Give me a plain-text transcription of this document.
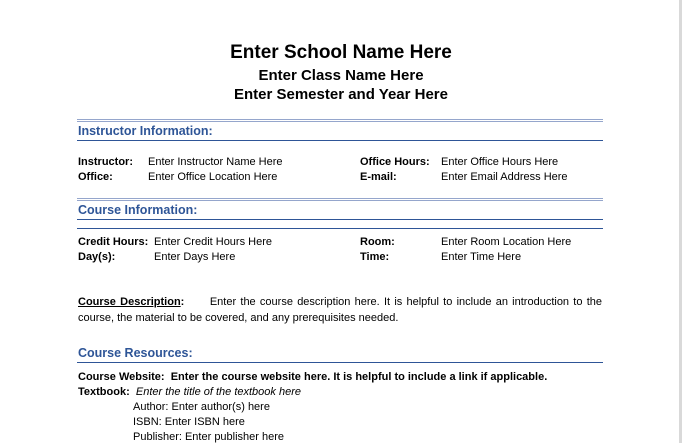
Enter School Name Here
Enter Class Name Here
Enter Semester and Year Here
Instructor Information:
Instructor: Enter Instructor Name Here	Office Hours: Enter Office Hours Here
Office:	Enter Office Location Here	E-mail:	Enter Email Address Here
Course Information:
Credit Hours: Enter Credit Hours Here	Room:	Enter Room Location Here
Day(s):	Enter Days Here	Time:	Enter Time Here
Course Description: Enter the course description here. It is helpful to include an introduction to the course, the material to be covered, and any prerequisites needed.
Course Resources:
Course Website: Enter the course website here. It is helpful to include a link if applicable.
Textbook: Enter the title of the textbook here
Author: Enter author(s) here
ISBN: Enter ISBN here
Publisher: Enter publisher here
